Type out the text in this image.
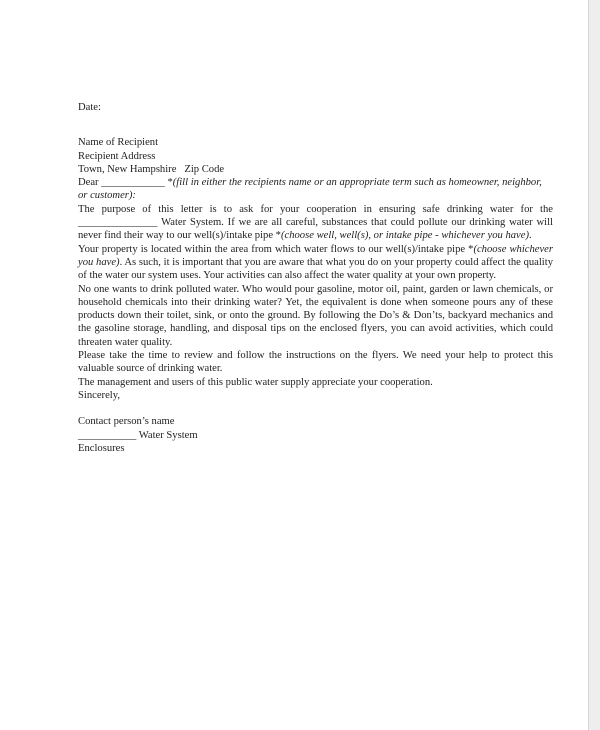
Date:

Name of Recipient
Recipient Address
Town, New Hampshire   Zip Code

Dear ____________ *(fill in either the recipients name or an appropriate term such as homeowner, neighbor, or customer):

The purpose of this letter is to ask for your cooperation in ensuring safe drinking water for the _______________ Water System. If we are all careful, substances that could pollute our drinking water will never find their way to our well(s)/intake pipe *(choose well, well(s), or intake pipe - whichever you have).

Your property is located within the area from which water flows to our well(s)/intake pipe *(choose whichever you have). As such, it is important that you are aware that what you do on your property could affect the quality of the water our system uses. Your activities can also affect the water quality at your own property.

No one wants to drink polluted water. Who would pour gasoline, motor oil, paint, garden or lawn chemicals, or household chemicals into their drinking water? Yet, the equivalent is done when someone pours any of these products down their toilet, sink, or onto the ground. By following the Do’s & Don’ts, backyard mechanics and the gasoline storage, handling, and disposal tips on the enclosed flyers, you can avoid activities, which could threaten water quality.

Please take the time to review and follow the instructions on the flyers. We need your help to protect this valuable source of drinking water.

The management and users of this public water supply appreciate your cooperation.

Sincerely,

Contact person’s name
___________ Water System

Enclosures
